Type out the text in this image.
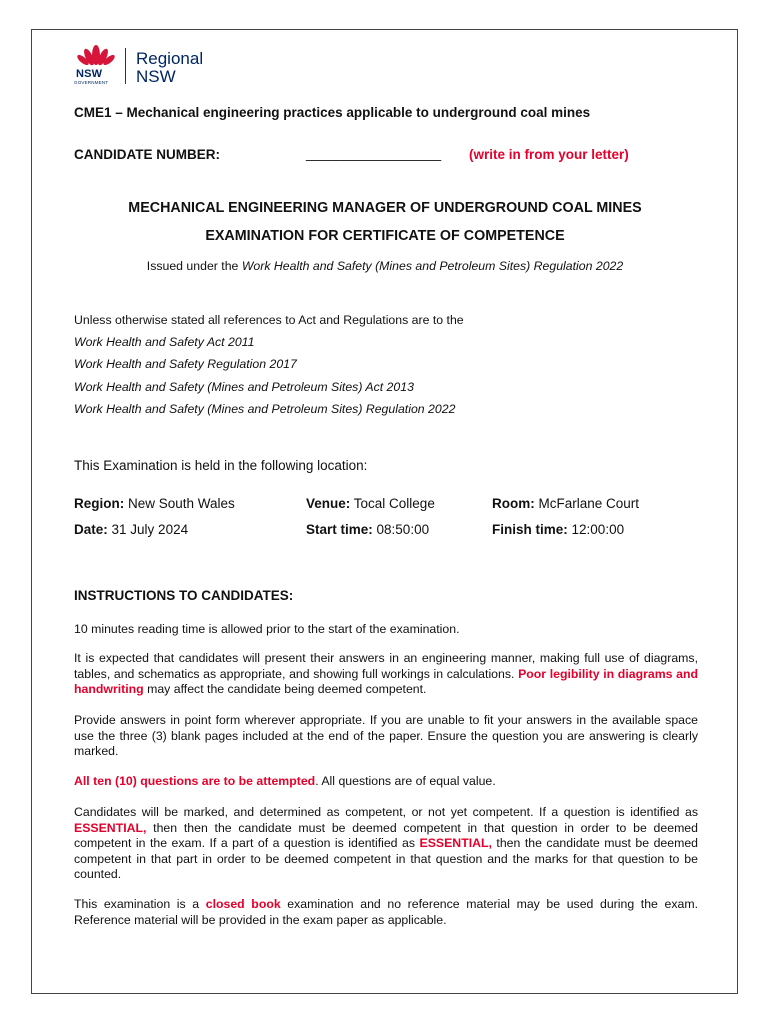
NSW
GOVERNMENT
Regional
NSW
CME1 – Mechanical engineering practices applicable to underground coal mines
CANDIDATE NUMBER:	__________________ (write in from your letter)
MECHANICAL ENGINEERING MANAGER OF UNDERGROUND COAL MINES
EXAMINATION FOR CERTIFICATE OF COMPETENCE
Issued under the Work Health and Safety (Mines and Petroleum Sites) Regulation 2022
Unless otherwise stated all references to Act and Regulations are to the
Work Health and Safety Act 2011
Work Health and Safety Regulation 2017
Work Health and Safety (Mines and Petroleum Sites) Act 2013
Work Health and Safety (Mines and Petroleum Sites) Regulation 2022
This Examination is held in the following location:
Region: New South Wales	Venue: Tocal College	Room: McFarlane Court
Date: 31 July 2024	Start time: 08:50:00	Finish time: 12:00:00
INSTRUCTIONS TO CANDIDATES:
10 minutes reading time is allowed prior to the start of the examination.
It is expected that candidates will present their answers in an engineering manner, making full use of diagrams, tables, and schematics as appropriate, and showing full workings in calculations. Poor legibility in diagrams and handwriting may affect the candidate being deemed competent.
Provide answers in point form wherever appropriate. If you are unable to fit your answers in the available space use the three (3) blank pages included at the end of the paper. Ensure the question you are answering is clearly marked.
All ten (10) questions are to be attempted. All questions are of equal value.
Candidates will be marked, and determined as competent, or not yet competent. If a question is identified as ESSENTIAL, then then the candidate must be deemed competent in that question in order to be deemed competent in the exam. If a part of a question is identified as ESSENTIAL, then the candidate must be deemed competent in that part in order to be deemed competent in that question and the marks for that question to be counted.
This examination is a closed book examination and no reference material may be used during the exam. Reference material will be provided in the exam paper as applicable.
